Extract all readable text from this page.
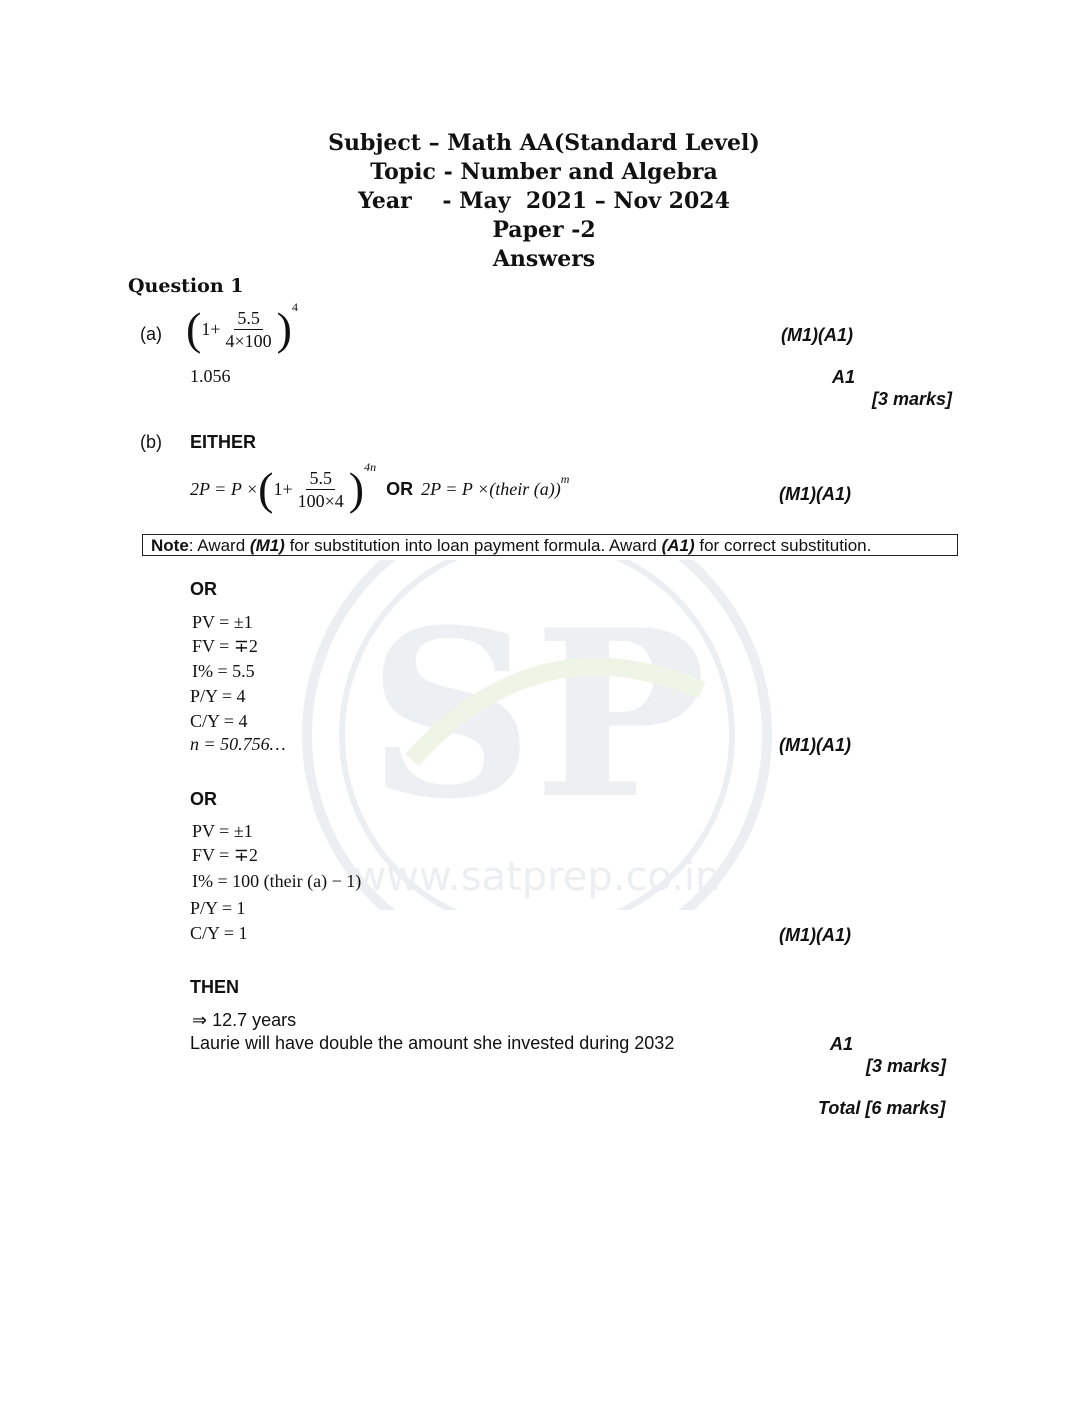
SP
www.satprep.co.in
Subject – Math AA(Standard Level)
Topic - Number and Algebra
Year    - May  2021 – Nov 2024
Paper -2
Answers
Question 1
(a) ( $1+ \frac{5.5}{4\times 100}$ ) 4
(M1)(A1)
1.056	A1
[3 marks]
(b) EITHER
2P = P × ( $1+ \frac{5.5}{100\times 4}$ ) 4n
OR 2P = P ×(their (a)) m
(M1)(A1)
Note: Award (M1) for substitution into loan payment formula. Award (A1) for correct substitution.
OR
PV = ±1
FV = ∓2
I% = 5.5
P/Y = 4
C/Y = 4
n = 50.756…	(M1)(A1)
OR
PV = ±1
FV = ∓2
I% = 100 (their (a) − 1)
P/Y = 1
C/Y = 1	(M1)(A1)
THEN
⇒ 12.7 years
Laurie will have double the amount she invested during 2032	A1
[3 marks]
Total [6 marks]
